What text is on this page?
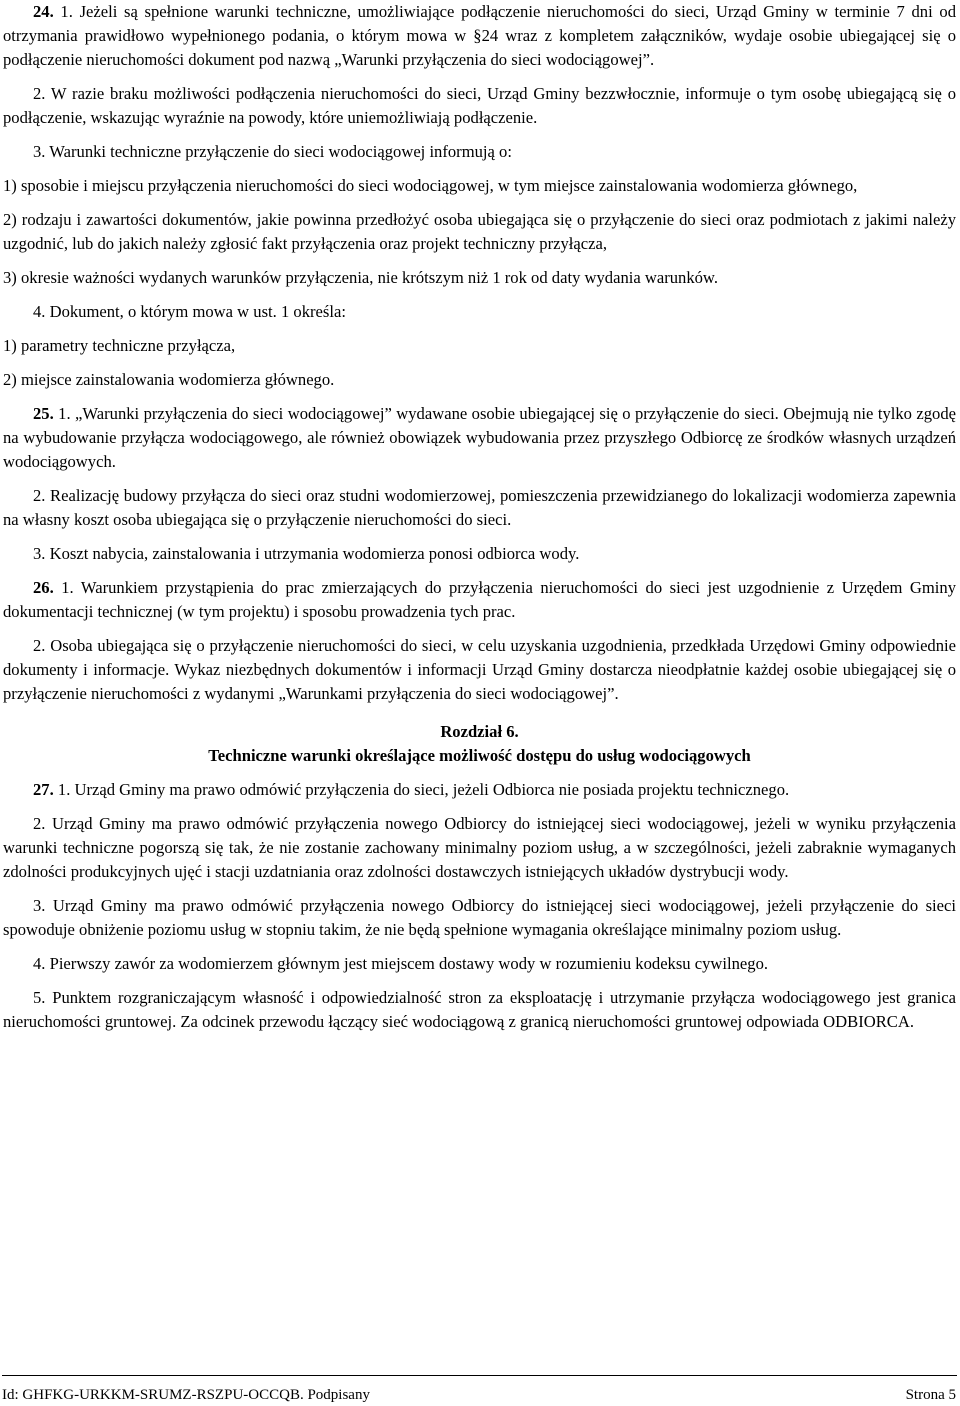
24. 1. Jeżeli są spełnione warunki techniczne, umożliwiające podłączenie nieruchomości do sieci, Urząd Gminy w terminie 7 dni od otrzymania prawidłowo wypełnionego podania, o którym mowa w §24 wraz z kompletem załączników, wydaje osobie ubiegającej się o podłączenie nieruchomości dokument pod nazwą „Warunki przyłączenia do sieci wodociągowej”.

2. W razie braku możliwości podłączenia nieruchomości do sieci, Urząd Gminy bezzwłocznie, informuje o tym osobę ubiegającą się o podłączenie, wskazując wyraźnie na powody, które uniemożliwiają podłączenie.

3. Warunki techniczne przyłączenie do sieci wodociągowej informują o:

1) sposobie i miejscu przyłączenia nieruchomości do sieci wodociągowej, w tym miejsce zainstalowania wodomierza głównego,

2) rodzaju i zawartości dokumentów, jakie powinna przedłożyć osoba ubiegająca się o przyłączenie do sieci oraz podmiotach z jakimi należy uzgodnić, lub do jakich należy zgłosić fakt przyłączenia oraz projekt techniczny przyłącza,

3) okresie ważności wydanych warunków przyłączenia, nie krótszym niż 1 rok od daty wydania warunków.

4. Dokument, o którym mowa w ust. 1 określa:

1) parametry techniczne przyłącza,

2) miejsce zainstalowania wodomierza głównego.

25. 1. „Warunki przyłączenia do sieci wodociągowej” wydawane osobie ubiegającej się o przyłączenie do sieci. Obejmują nie tylko zgodę na wybudowanie przyłącza wodociągowego, ale również obowiązek wybudowania przez przyszłego Odbiorcę ze środków własnych urządzeń wodociągowych.

2. Realizację budowy przyłącza do sieci oraz studni wodomierzowej, pomieszczenia przewidzianego do lokalizacji wodomierza zapewnia na własny koszt osoba ubiegająca się o przyłączenie nieruchomości do sieci.

3. Koszt nabycia, zainstalowania i utrzymania wodomierza ponosi odbiorca wody.

26. 1. Warunkiem przystąpienia do prac zmierzających do przyłączenia nieruchomości do sieci jest uzgodnienie z Urzędem Gminy dokumentacji technicznej (w tym projektu) i sposobu prowadzenia tych prac.

2. Osoba ubiegająca się o przyłączenie nieruchomości do sieci, w celu uzyskania uzgodnienia, przedkłada Urzędowi Gminy odpowiednie dokumenty i informacje. Wykaz niezbędnych dokumentów i informacji Urząd Gminy dostarcza nieodpłatnie każdej osobie ubiegającej się o przyłączenie nieruchomości z wydanymi „Warunkami przyłączenia do sieci wodociągowej”.

Rozdział 6.
Techniczne warunki określające możliwość dostępu do usług wodociągowych

27. 1. Urząd Gminy ma prawo odmówić przyłączenia do sieci, jeżeli Odbiorca nie posiada projektu technicznego.

2. Urząd Gminy ma prawo odmówić przyłączenia nowego Odbiorcy do istniejącej sieci wodociągowej, jeżeli w wyniku przyłączenia warunki techniczne pogorszą się tak, że nie zostanie zachowany minimalny poziom usług, a w szczególności, jeżeli zabraknie wymaganych zdolności produkcyjnych ujęć i stacji uzdatniania oraz zdolności dostawczych istniejących układów dystrybucji wody.

3. Urząd Gminy ma prawo odmówić przyłączenia nowego Odbiorcy do istniejącej sieci wodociągowej, jeżeli przyłączenie do sieci spowoduje obniżenie poziomu usług w stopniu takim, że nie będą spełnione wymagania określające minimalny poziom usług.

4. Pierwszy zawór za wodomierzem głównym jest miejscem dostawy wody w rozumieniu kodeksu cywilnego.

5. Punktem rozgraniczającym własność i odpowiedzialność stron za eksploatację i utrzymanie przyłącza wodociągowego jest granica nieruchomości gruntowej. Za odcinek przewodu łączący sieć wodociągową z granicą nieruchomości gruntowej odpowiada ODBIORCA.

Id: GHFKG-URKKM-SRUMZ-RSZPU-OCCQB. Podpisany	Strona 5
